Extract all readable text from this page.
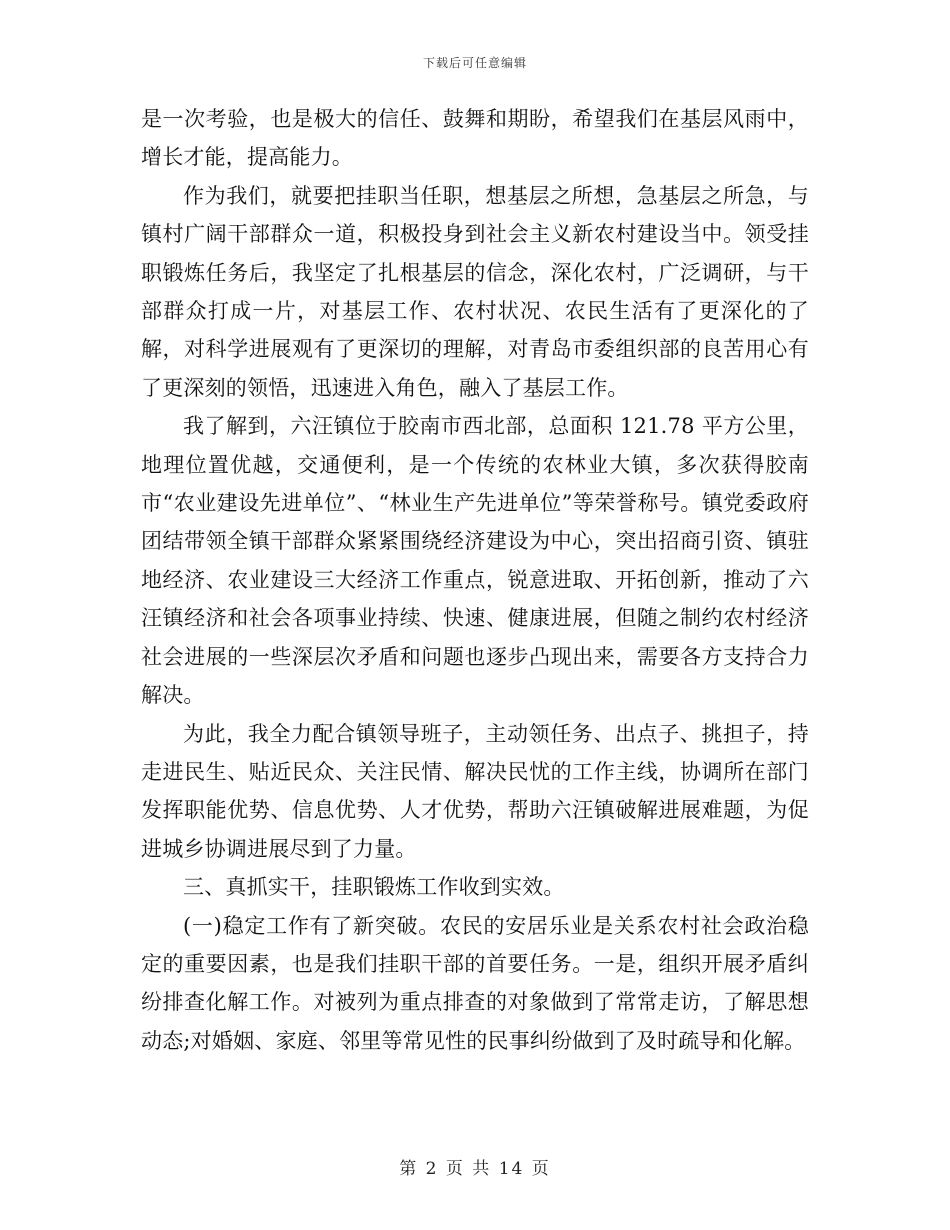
下载后可任意编辑

是一次考验，也是极大的信任、鼓舞和期盼，希望我们在基层风雨中，增长才能，提高能力。

作为我们，就要把挂职当任职，想基层之所想，急基层之所急，与镇村广阔干部群众一道，积极投身到社会主义新农村建设当中。领受挂职锻炼任务后，我坚定了扎根基层的信念，深化农村，广泛调研，与干部群众打成一片，对基层工作、农村状况、农民生活有了更深化的了解，对科学进展观有了更深切的理解，对青岛市委组织部的良苦用心有了更深刻的领悟，迅速进入角色，融入了基层工作。

我了解到，六汪镇位于胶南市西北部，总面积 121.78 平方公里，地理位置优越，交通便利，是一个传统的农林业大镇，多次获得胶南市“农业建设先进单位”、“林业生产先进单位”等荣誉称号。镇党委政府团结带领全镇干部群众紧紧围绕经济建设为中心，突出招商引资、镇驻地经济、农业建设三大经济工作重点，锐意进取、开拓创新，推动了六汪镇经济和社会各项事业持续、快速、健康进展，但随之制约农村经济社会进展的一些深层次矛盾和问题也逐步凸现出来，需要各方支持合力解决。

为此，我全力配合镇领导班子，主动领任务、出点子、挑担子，持走进民生、贴近民众、关注民情、解决民忧的工作主线，协调所在部门发挥职能优势、信息优势、人才优势，帮助六汪镇破解进展难题，为促进城乡协调进展尽到了力量。

三、真抓实干，挂职锻炼工作收到实效。

(一)稳定工作有了新突破。农民的安居乐业是关系农村社会政治稳定的重要因素，也是我们挂职干部的首要任务。一是，组织开展矛盾纠纷排查化解工作。对被列为重点排查的对象做到了常常走访，了解思想动态;对婚姻、家庭、邻里等常见性的民事纠纷做到了及时疏导和化解。

第 2 页 共 14 页
